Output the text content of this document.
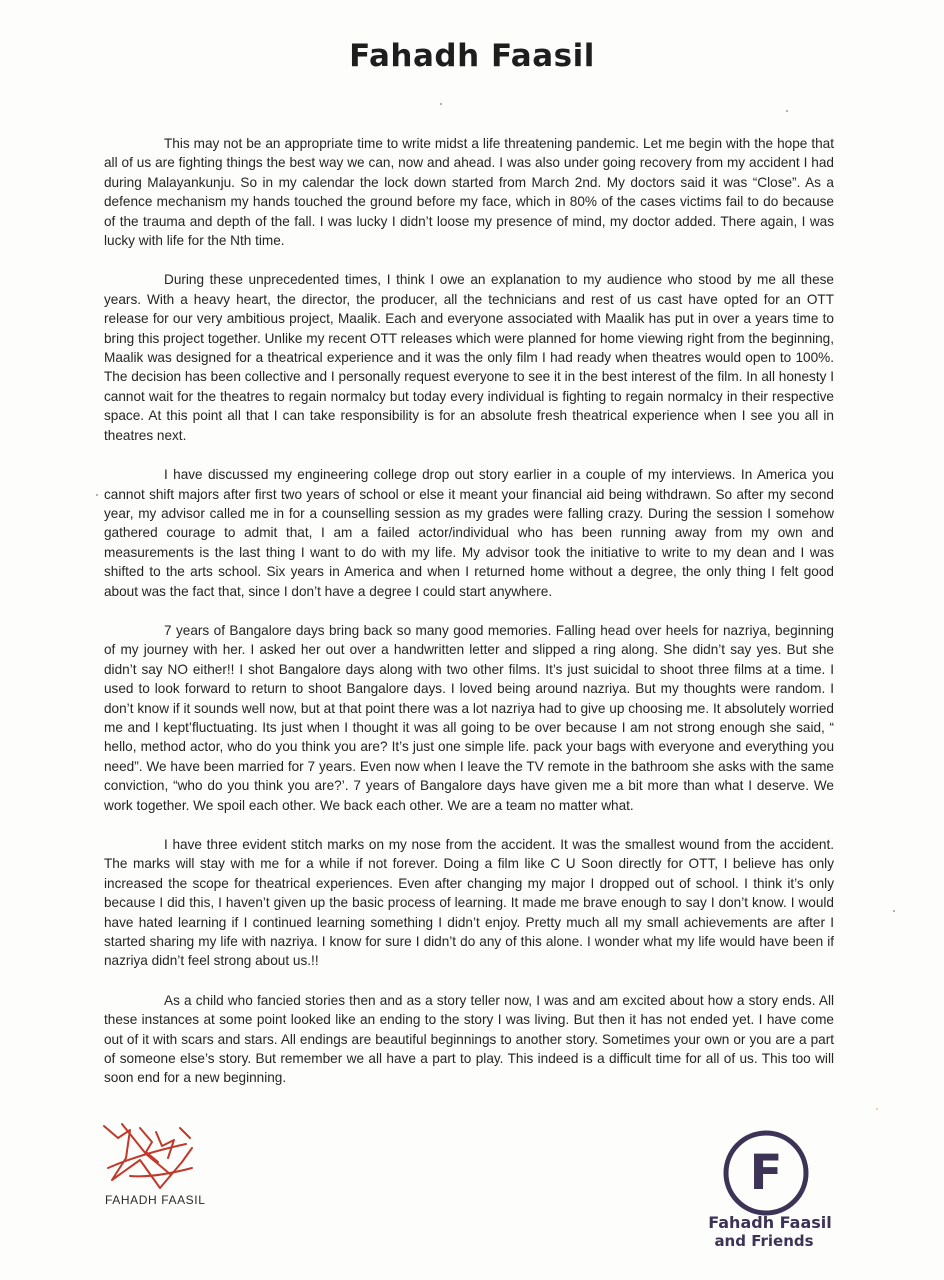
Fahadh Faasil

This may not be an appropriate time to write midst a life threatening pandemic. Let me begin with the hope that all of us are fighting things the best way we can, now and ahead. I was also under going recovery from my accident I had during Malayankunju. So in my calendar the lock down started from March 2nd. My doctors said it was “Close”. As a defence mechanism my hands touched the ground before my face, which in 80% of the cases victims fail to do because of the trauma and depth of the fall. I was lucky I didn’t loose my presence of mind, my doctor added. There again, I was lucky with life for the Nth time.

During these unprecedented times, I think I owe an explanation to my audience who stood by me all these years. With a heavy heart, the director, the producer, all the technicians and rest of us cast have opted for an OTT release for our very ambitious project, Maalik. Each and everyone associated with Maalik has put in over a years time to bring this project together. Unlike my recent OTT releases which were planned for home viewing right from the beginning, Maalik was designed for a theatrical experience and it was the only film I had ready when theatres would open to 100%. The decision has been collective and I personally request everyone to see it in the best interest of the film. In all honesty I cannot wait for the theatres to regain normalcy but today every individual is fighting to regain normalcy in their respective space. At this point all that I can take responsibility is for an absolute fresh theatrical experience when I see you all in theatres next.

I have discussed my engineering college drop out story earlier in a couple of my interviews. In America you cannot shift majors after first two years of school or else it meant your financial aid being withdrawn. So after my second year, my advisor called me in for a counselling session as my grades were falling crazy. During the session I somehow gathered courage to admit that, I am a failed actor/individual who has been running away from my own and measurements is the last thing I want to do with my life. My advisor took the initiative to write to my dean and I was shifted to the arts school. Six years in America and when I returned home without a degree, the only thing I felt good about was the fact that, since I don’t have a degree I could start anywhere.

7 years of Bangalore days bring back so many good memories. Falling head over heels for nazriya, beginning of my journey with her. I asked her out over a handwritten letter and slipped a ring along. She didn’t say yes. But she didn’t say NO either!! I shot Bangalore days along with two other films. It’s just suicidal to shoot three films at a time. I used to look forward to return to shoot Bangalore days. I loved being around nazriya. But my thoughts were random. I don’t know if it sounds well now, but at that point there was a lot nazriya had to give up choosing me. It absolutely worried me and I kept’fluctuating. Its just when I thought it was all going to be over because I am not strong enough she said, “ hello, method actor, who do you think you are? It’s just one simple life. pack your bags with everyone and everything you need”. We have been married for 7 years. Even now when I leave the TV remote in the bathroom she asks with the same conviction, “who do you think you are?’. 7 years of Bangalore days have given me a bit more than what I deserve. We work together. We spoil each other. We back each other. We are a team no matter what.

I have three evident stitch marks on my nose from the accident. It was the smallest wound from the accident. The marks will stay with me for a while if not forever. Doing a film like C U Soon directly for OTT, I believe has only increased the scope for theatrical experiences. Even after changing my major I dropped out of school. I think it’s only because I did this, I haven’t given up the basic process of learning. It made me brave enough to say I don’t know. I would have hated learning if I continued learning something I didn’t enjoy. Pretty much all my small achievements are after I started sharing my life with nazriya. I know for sure I didn’t do any of this alone. I wonder what my life would have been if nazriya didn’t feel strong about us.!!

As a child who fancied stories then and as a story teller now, I was and am excited about how a story ends. All these instances at some point looked like an ending to the story I was living. But then it has not ended yet. I have come out of it with scars and stars. All endings are beautiful beginnings to another story. Sometimes your own or you are a part of someone else’s story. But remember we all have a part to play. This indeed is a difficult time for all of us. This too will soon end for a new beginning.

FAHADH FAASIL	F

Fahadh Faasil
and Friends
